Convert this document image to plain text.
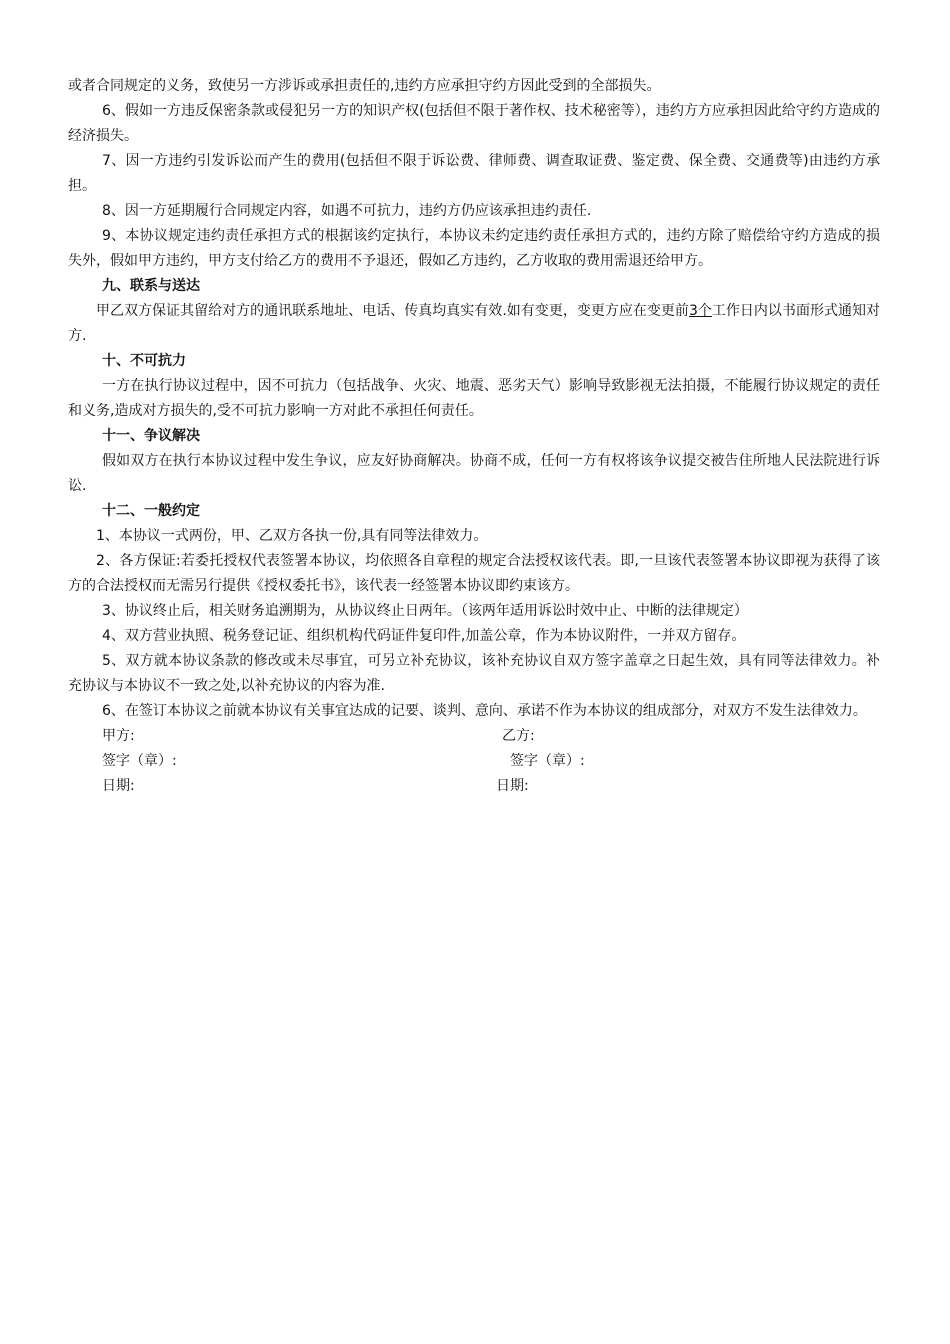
或者合同规定的义务，致使另一方涉诉或承担责任的,违约方应承担守约方因此受到的全部损失。

6、假如一方违反保密条款或侵犯另一方的知识产权(包括但不限于著作权、技术秘密等），违约方方应承担因此给守约方造成的经济损失。

7、因一方违约引发诉讼而产生的费用(包括但不限于诉讼费、律师费、调查取证费、鉴定费、保全费、交通费等)由违约方承担。

8、因一方延期履行合同规定内容，如遇不可抗力，违约方仍应该承担违约责任.

9、本协议规定违约责任承担方式的根据该约定执行，本协议未约定违约责任承担方式的，违约方除了赔偿给守约方造成的损失外，假如甲方违约，甲方支付给乙方的费用不予退还，假如乙方违约，乙方收取的费用需退还给甲方。

九、联系与送达

甲乙双方保证其留给对方的通讯联系地址、电话、传真均真实有效.如有变更，变更方应在变更前3个工作日内以书面形式通知对方.

十、不可抗力

一方在执行协议过程中，因不可抗力（包括战争、火灾、地震、恶劣天气）影响导致影视无法拍摄，不能履行协议规定的责任和义务,造成对方损失的,受不可抗力影响一方对此不承担任何责任。

十一、争议解决

假如双方在执行本协议过程中发生争议，应友好协商解决。协商不成，任何一方有权将该争议提交被告住所地人民法院进行诉讼.

十二、一般约定

1、本协议一式两份，甲、乙双方各执一份,具有同等法律效力。

2、各方保证:若委托授权代表签署本协议，均依照各自章程的规定合法授权该代表。即,一旦该代表签署本协议即视为获得了该方的合法授权而无需另行提供《授权委托书》，该代表一经签署本协议即约束该方。

3、协议终止后，相关财务追溯期为，从协议终止日两年。（该两年适用诉讼时效中止、中断的法律规定）

4、双方营业执照、税务登记证、组织机构代码证件复印件,加盖公章，作为本协议附件，一并双方留存。

5、双方就本协议条款的修改或未尽事宜，可另立补充协议，该补充协议自双方签字盖章之日起生效，具有同等法律效力。补充协议与本协议不一致之处,以补充协议的内容为准.

6、在签订本协议之前就本协议有关事宜达成的记要、谈判、意向、承诺不作为本协议的组成部分，对双方不发生法律效力。

甲方:	乙方:
签字（章）:	签字（章）:
日期:	日期:
